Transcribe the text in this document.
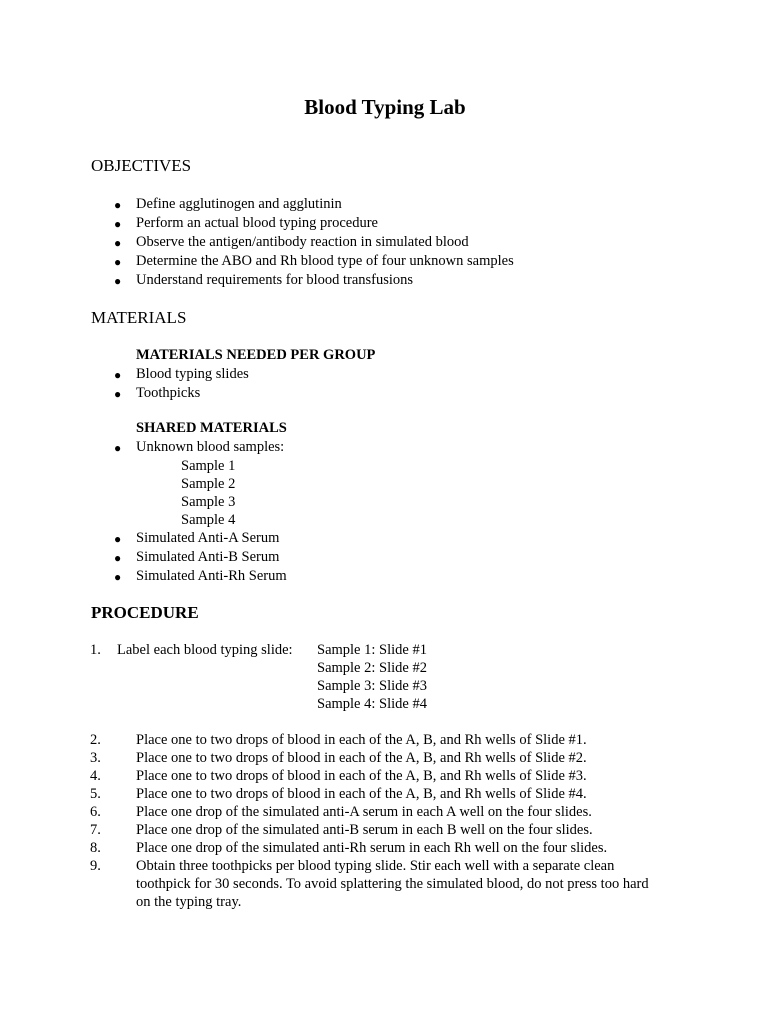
Blood Typing Lab
OBJECTIVES
● Define agglutinogen and agglutinin
● Perform an actual blood typing procedure
● Observe the antigen/antibody reaction in simulated blood
● Determine the ABO and Rh blood type of four unknown samples
● Understand requirements for blood transfusions
MATERIALS
MATERIALS NEEDED PER GROUP
● Blood typing slides
● Toothpicks
SHARED MATERIALS
● Unknown blood samples:
Sample 1
Sample 2
Sample 3
Sample 4
● Simulated Anti-A Serum
● Simulated Anti-B Serum
● Simulated Anti-Rh Serum
PROCEDURE
1. Label each blood typing slide: Sample 1: Slide #1
Sample 2: Slide #2
Sample 3: Slide #3
Sample 4: Slide #4
2. Place one to two drops of blood in each of the A, B, and Rh wells of Slide #1.
3. Place one to two drops of blood in each of the A, B, and Rh wells of Slide #2.
4. Place one to two drops of blood in each of the A, B, and Rh wells of Slide #3.
5. Place one to two drops of blood in each of the A, B, and Rh wells of Slide #4.
6. Place one drop of the simulated anti-A serum in each A well on the four slides.
7. Place one drop of the simulated anti-B serum in each B well on the four slides.
8. Place one drop of the simulated anti-Rh serum in each Rh well on the four slides.
9. Obtain three toothpicks per blood typing slide. Stir each well with a separate clean
toothpick for 30 seconds. To avoid splattering the simulated blood, do not press too hard
on the typing tray.
